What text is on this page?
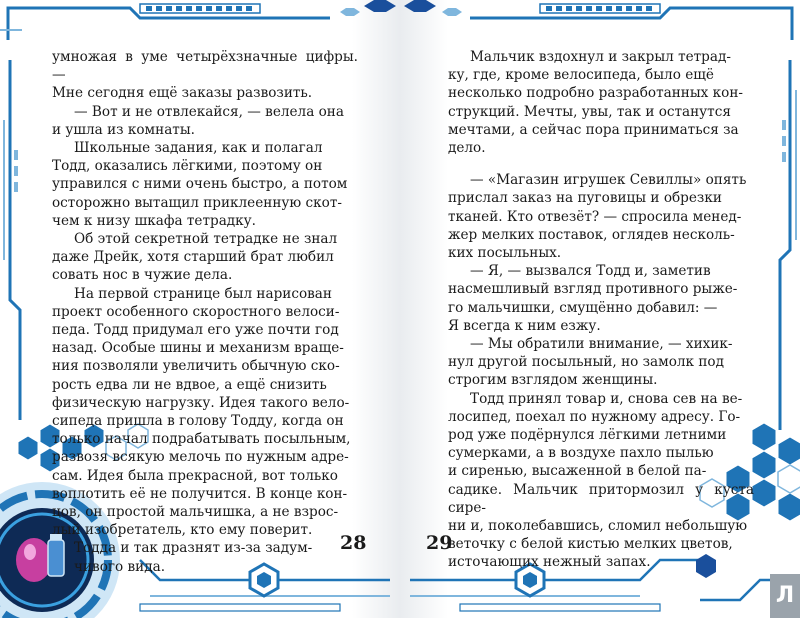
умножая в уме четырёхзначные цифры. —

Мне сегодня ещё заказы развозить.

— Вот и не отвлекайся, — велела она

и ушла из комнаты.

Школьные задания, как и полагал

Тодд, оказались лёгкими, поэтому он

управился с ними очень быстро, а потом

осторожно вытащил приклеенную скот-

чем к низу шкафа тетрадку.

Об этой секретной тетрадке не знал

даже Дрейк, хотя старший брат любил

совать нос в чужие дела.

На первой странице был нарисован

проект особенного скоростного велоси-

педа. Тодд придумал его уже почти год

назад. Особые шины и механизм враще-

ния позволяли увеличить обычную ско-

рость едва ли не вдвое, а ещё снизить

физическую нагрузку. Идея такого вело-

сипеда пришла в голову Тодду, когда он

только начал подрабатывать посыльным,

развозя всякую мелочь по нужным адре-

сам. Идея была прекрасной, вот только

воплотить её не получится. В конце кон-

цов, он простой мальчишка, а не взрос-

лый изобретатель, кто ему поверит.

Тодда и так дразнят из-за задум-

чивого вида.

28

Мальчик вздохнул и закрыл тетрад-

ку, где, кроме велосипеда, было ещё

несколько подробно разработанных кон-

струкций. Мечты, увы, так и останутся

мечтами, а сейчас пора приниматься за

дело.

— «Магазин игрушек Севиллы» опять

прислал заказ на пуговицы и обрезки

тканей. Кто отвезёт? — спросила менед-

жер мелких поставок, оглядев несколь-

ких посыльных.

— Я, — вызвался Тодд и, заметив

насмешливый взгляд противного рыже-

го мальчишки, смущённо добавил: —

Я всегда к ним езжу.

— Мы обратили внимание, — хихик-

нул другой посыльный, но замолк под

строгим взглядом женщины.

Тодд принял товар и, снова сев на ве-

лосипед, поехал по нужному адресу. Го-

род уже подёрнулся лёгкими летними

сумерками, а в воздухе пахло пылью

и сиренью, высаженной в белой па-

садике. Мальчик притормозил у куста сире-

ни и, поколебавшись, сломил небольшую

веточку с белой кистью мелких цветов,

источающих нежный запах.

29
Л
